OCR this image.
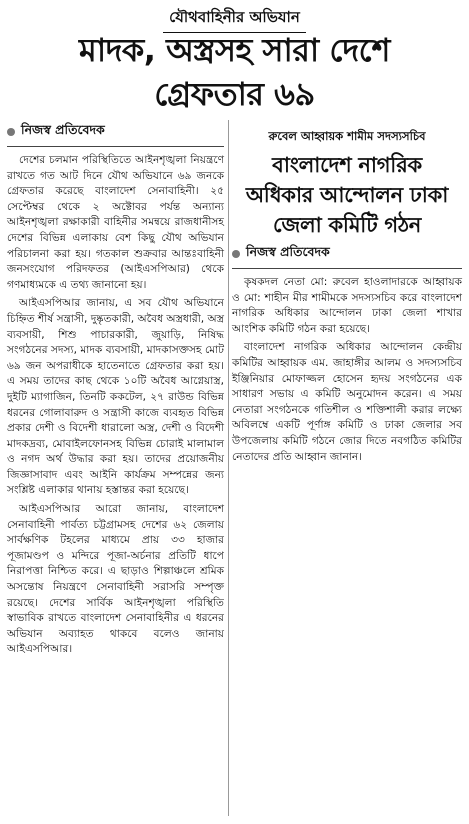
যৌথবাহিনীর অভিযান
মাদক, অস্ত্রসহ সারা দেশে
গ্রেফতার ৬৯
নিজস্ব প্রতিবেদক

দেশের চলমান পরিস্থিতিতে আইনশৃঙ্খলা নিয়ন্ত্রণে রাখতে গত আট দিনে যৌথ অভিযানে ৬৯ জনকে গ্রেফতার করেছে বাংলাদেশ সেনাবাহিনী। ২৫ সেপ্টেম্বর থেকে ২ অক্টোবর পর্যন্ত অন্যান্য আইনশৃঙ্খলা রক্ষাকারী বাহিনীর সমন্বয়ে রাজধানীসহ দেশের বিভিন্ন এলাকায় বেশ কিছু যৌথ অভিযান পরিচালনা করা হয়। গতকাল শুক্রবার আন্তঃবাহিনী জনসংযোগ পরিদফতর (আইএসপিআর) থেকে গণমাধ্যমকে এ তথ্য জানানো হয়।

আইএসপিআর জানায়, এ সব যৌথ অভিযানে চিহ্নিত শীর্ষ সন্ত্রাসী, দুষ্কৃতকারী, অবৈধ অস্ত্রধারী, অস্ত্র ব্যবসায়ী, শিশু পাচারকারী, জুয়াড়ি, নিষিদ্ধ সংগঠনের সদস্য, মাদক ব্যবসায়ী, মাদকাসক্তসহ মোট ৬৯ জন অপরাধীকে হাতেনাতে গ্রেফতার করা হয়। এ সময় তাদের কাছ থেকে ১০টি অবৈধ আগ্নেয়াস্ত্র, দুইটি ম্যাগাজিন, তিনটি ককটেল, ২৭ রাউন্ড বিভিন্ন ধরনের গোলাবারুদ ও সন্ত্রাসী কাজে ব্যবহৃত বিভিন্ন প্রকার দেশী ও বিদেশী ধারালো অস্ত্র, দেশী ও বিদেশী মাদকদ্রব্য, মোবাইলফোনসহ বিভিন্ন চোরাই মালামাল ও নগদ অর্থ উদ্ধার করা হয়। তাদের প্রয়োজনীয় জিজ্ঞাসাবাদ এবং আইনি কার্যক্রম সম্পন্নের জন্য সংশ্লিষ্ট এলাকার থানায় হস্তান্তর করা হয়েছে।

আইএসপিআর আরো জানায়, বাংলাদেশ সেনাবাহিনী পার্বত্য চট্টগ্রামসহ দেশের ৬২ জেলায় সার্বক্ষণিক টহলের মাধ্যমে প্রায় ৩৩ হাজার পূজামণ্ডপ ও মন্দিরে পূজা-অর্চনার প্রতিটি ধাপে নিরাপত্তা নিশ্চিত করে। এ ছাড়াও শিল্পাঞ্চলে শ্রমিক অসন্তোষ নিয়ন্ত্রণে সেনাবাহিনী সরাসরি সম্পৃক্ত রয়েছে। দেশের সার্বিক আইনশৃঙ্খলা পরিস্থিতি স্বাভাবিক রাখতে বাংলাদেশ সেনাবাহিনীর এ ধরনের অভিযান অব্যাহত থাকবে বলেও জানায় আইএসপিআর।

রুবেল আহ্বায়ক শামীম সদস্যসচিব
বাংলাদেশ নাগরিক
অধিকার আন্দোলন ঢাকা
জেলা কমিটি গঠন
নিজস্ব প্রতিবেদক

কৃষকদল নেতা মো: রুবেল হাওলাদারকে আহ্বায়ক ও মো: শাহীন মীর শামীমকে সদস্যসচিব করে বাংলাদেশ নাগরিক অধিকার আন্দোলন ঢাকা জেলা শাখার আংশিক কমিটি গঠন করা হয়েছে।

বাংলাদেশ নাগরিক অধিকার আন্দোলন কেন্দ্রীয় কমিটির আহ্বায়ক এম. জাহাঙ্গীর আলম ও সদস্যসচিব ইঞ্জিনিয়ার মোফাজ্জল হোসেন হৃদয় সংগঠনের এক সাধারণ সভায় এ কমিটি অনুমোদন করেন। এ সময় নেতারা সংগঠনকে গতিশীল ও শক্তিশালী করার লক্ষ্যে অবিলম্বে একটি পূর্ণাঙ্গ কমিটি ও ঢাকা জেলার সব উপজেলায় কমিটি গঠনে জোর দিতে নবগঠিত কমিটির নেতাদের প্রতি আহ্বান জানান।
